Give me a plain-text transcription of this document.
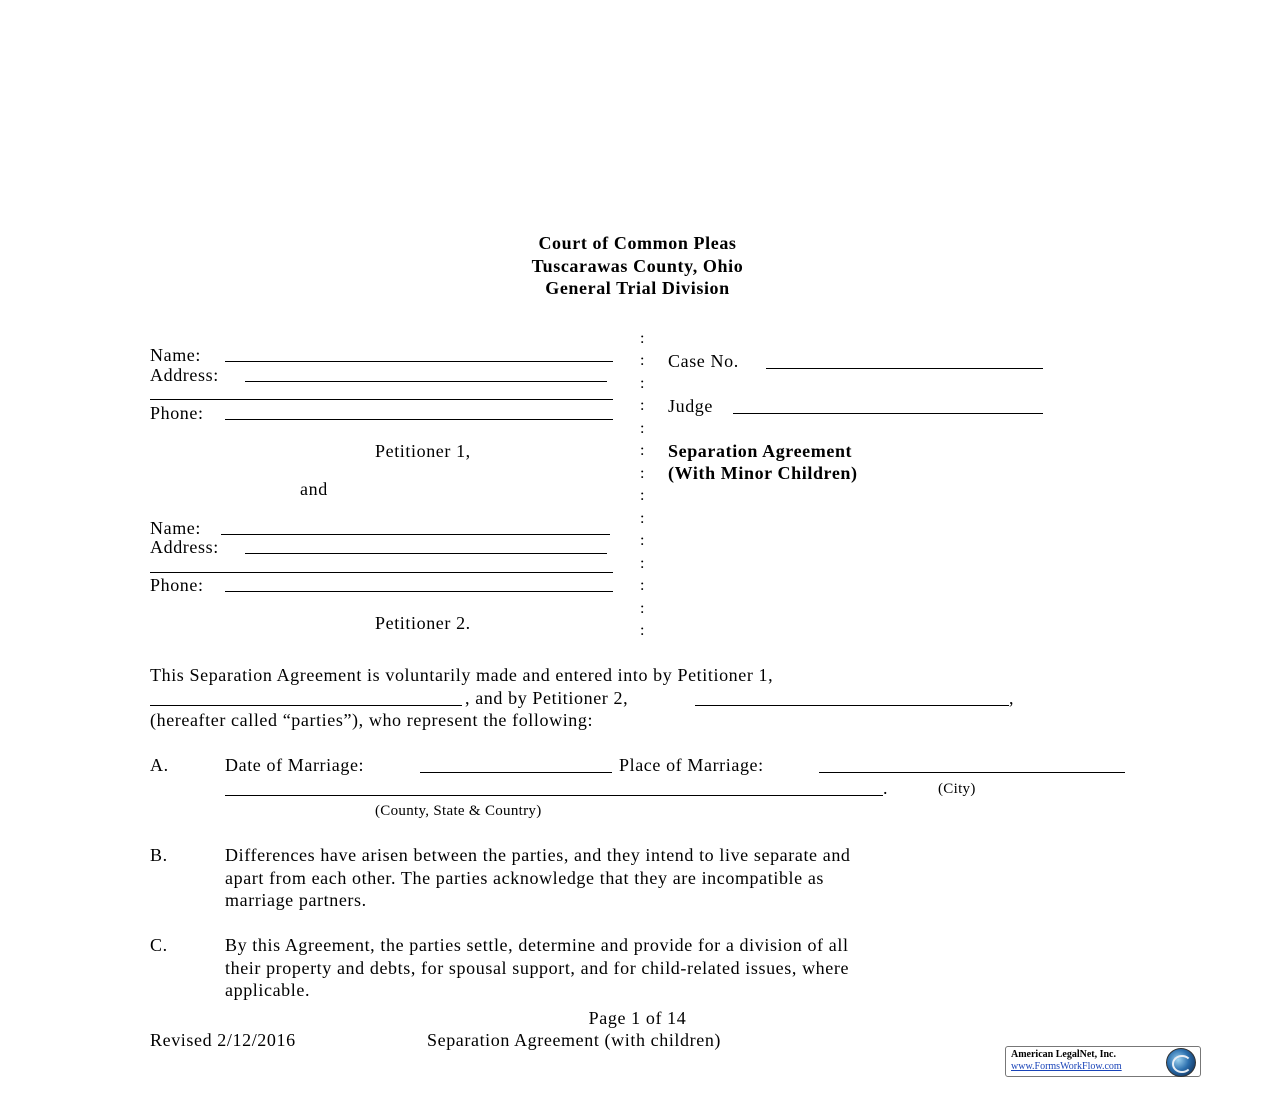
Court of Common Pleas
Tuscarawas County, Ohio
General Trial Division
Name:
Address:
Phone:
Petitioner 1,
and
Name:
Address:
Phone:
Petitioner 2.
:
:
:
:
:
:
:
:
:
:
:
:
:
:
Case No.
Judge
Separation Agreement
(With Minor Children)
This Separation Agreement is voluntarily made and entered into by Petitioner 1,
, and by Petitioner 2,	,
(hereafter called “parties”), who represent the following:
A.	Date of Marriage:	Place of Marriage:
.	(City)
(County, State & Country)
B.	Differences have arisen between the parties, and they intend to live separate and
apart from each other. The parties acknowledge that they are incompatible as
marriage partners.
C.	By this Agreement, the parties settle, determine and provide for a division of all
their property and debts, for spousal support, and for child-related issues, where
applicable.
Page 1 of 14
Revised 2/12/2016	Separation Agreement (with children)
American LegalNet, Inc.
www.FormsWorkFlow.com
